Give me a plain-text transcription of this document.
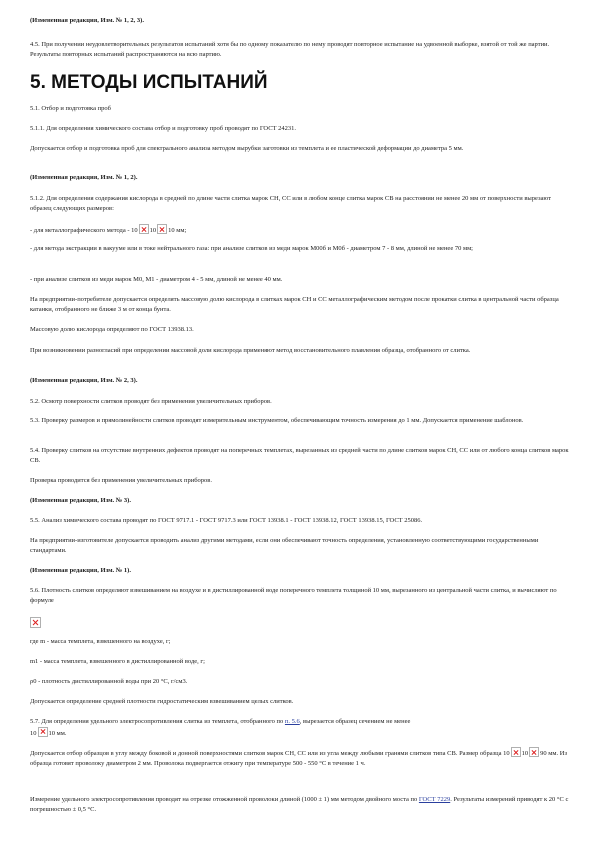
(Измененная редакция, Изм. № 1, 2, 3).

4.5. При получении неудовлетворительных результатов испытаний хотя бы по одному показателю по нему проводят повторное испытание на удвоенной выборке, взятой от той же партии. Результаты повторных испытаний распространяются на всю партию.

5. МЕТОДЫ ИСПЫТАНИЙ

5.1. Отбор и подготовка проб

5.1.1. Для определения химического состава отбор и подготовку проб проводят по ГОСТ 24231.

Допускается отбор и подготовка проб для спектрального анализа методом вырубки заготовки из темплета и ее пластической деформации до диаметра 5 мм.

(Измененная редакция, Изм. № 1, 2).

5.1.2. Для определения содержания кислорода в средней по длине части слитка марок СН, СС или в любом конце слитка марок СВ на расстоянии не менее 20 мм от поверхности вырезают образец следующих размеров:

- для металлографического метода - 10 10 10 мм;

- для метода экстракции в вакууме или в токе нейтрального газа: при анализе слитков из меди марок М00б и М0б - диаметром 7 - 8 мм, длиной не менее 70 мм;

- при анализе слитков из меди марок М0, М1 - диаметром 4 - 5 мм, длиной не менее 40 мм.

На предприятии-потребителе допускается определять массовую долю кислорода в слитках марок СН и СС металлографическим методом после прокатки слитка в центральной части образца катанки, отобранного не ближе 3 м от конца бунта.

Массовую долю кислорода определяют по ГОСТ 13938.13.

При возникновении разногласий при определении массовой доли кислорода применяют метод восстановительного плавления образца, отобранного от слитка.

(Измененная редакция, Изм. № 2, 3).

5.2. Осмотр поверхности слитков проводят без применения увеличительных приборов.

5.3. Проверку размеров и прямолинейности слитков проводят измерительным инструментом, обеспечивающим точность измерения до 1 мм. Допускается применение шаблонов.

5.4. Проверку слитков на отсутствие внутренних дефектов проводят на поперечных темплетах, вырезанных из средней части по длине слитков марок СН, СС или от любого конца слитков марок СВ.

Проверка проводится без применения увеличительных приборов.

(Измененная редакция, Изм. № 3).

5.5. Анализ химического состава проводят по ГОСТ 9717.1 - ГОСТ 9717.3 или ГОСТ 13938.1 - ГОСТ 13938.12, ГОСТ 13938.15, ГОСТ 25086.

На предприятии-изготовителе допускается проводить анализ другими методами, если они обеспечивают точность определения, установленную соответствующими государственными стандартами.

(Измененная редакция, Изм. № 1).

5.6. Плотность слитков определяют взвешиванием на воздухе и в дистиллированной воде поперечного темплета толщиной 10 мм, вырезанного из центральной части слитка, и вычисляют по формуле

где m - масса темплета, взвешенного на воздухе, г;

m1 - масса темплета, взвешенного в дистиллированной воде, г;

ρ0 - плотность дистиллированной воды при 20 °С, г/см3.

Допускается определение средней плотности гидростатическим взвешиванием целых слитков.

5.7. Для определения удельного электросопротивления слитка из темплета, отобранного по п. 5.6, вырезается образец сечением не менее
10 10 мм.

Допускается отбор образцов в углу между боковой и донной поверхностями слитков марок СН, СС или из угла между любыми гранями слитков типа СВ. Размер образца 10 10 90 мм. Из образца готовят проволоку диаметром 2 мм. Проволока подвергается отжигу при температуре 500 - 550 °С в течение 1 ч.

Измерение удельного электросопротивления проводят на отрезке отожженной проволоки длиной (1000 ± 1) мм методом двойного моста по ГОСТ 7229. Результаты измерений приводят к 20 °С с погрешностью ± 0,5 °С.
